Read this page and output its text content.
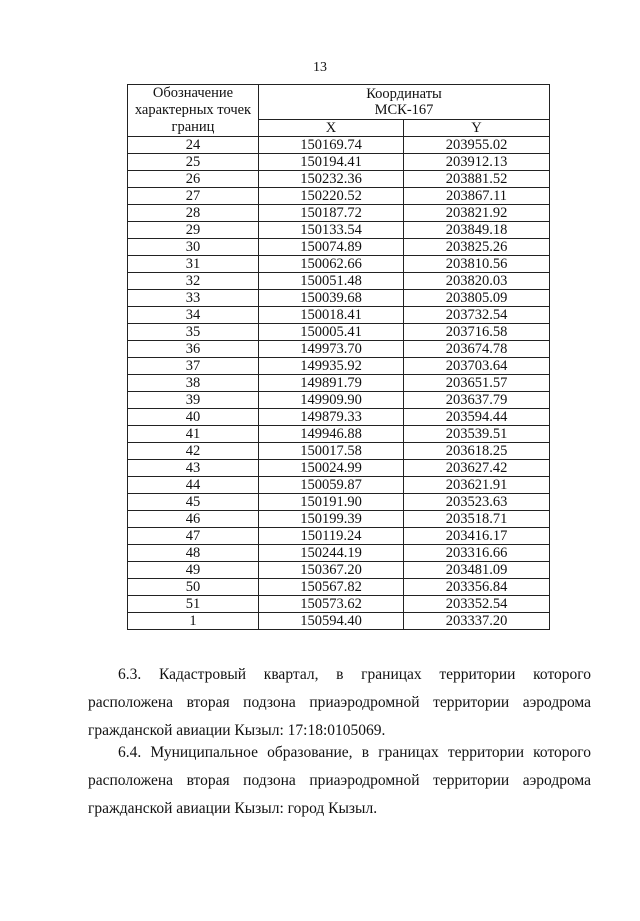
13
Обозначение характерных точек границ	Координаты
МСК-167	
	X	Y
24	150169.74	203955.02
25	150194.41	203912.13
26	150232.36	203881.52
27	150220.52	203867.11
28	150187.72	203821.92
29	150133.54	203849.18
30	150074.89	203825.26
31	150062.66	203810.56
32	150051.48	203820.03
33	150039.68	203805.09
34	150018.41	203732.54
35	150005.41	203716.58
36	149973.70	203674.78
37	149935.92	203703.64
38	149891.79	203651.57
39	149909.90	203637.79
40	149879.33	203594.44
41	149946.88	203539.51
42	150017.58	203618.25
43	150024.99	203627.42
44	150059.87	203621.91
45	150191.90	203523.63
46	150199.39	203518.71
47	150119.24	203416.17
48	150244.19	203316.66
49	150367.20	203481.09
50	150567.82	203356.84
51	150573.62	203352.54
1	150594.40	203337.20
6.3. Кадастровый квартал, в границах территории которого расположена вторая подзона приаэродромной территории аэродрома гражданской авиации Кызыл: 17:18:0105069.
6.4. Муниципальное образование, в границах территории которого расположена вторая подзона приаэродромной территории аэродрома гражданской авиации Кызыл: город Кызыл.
